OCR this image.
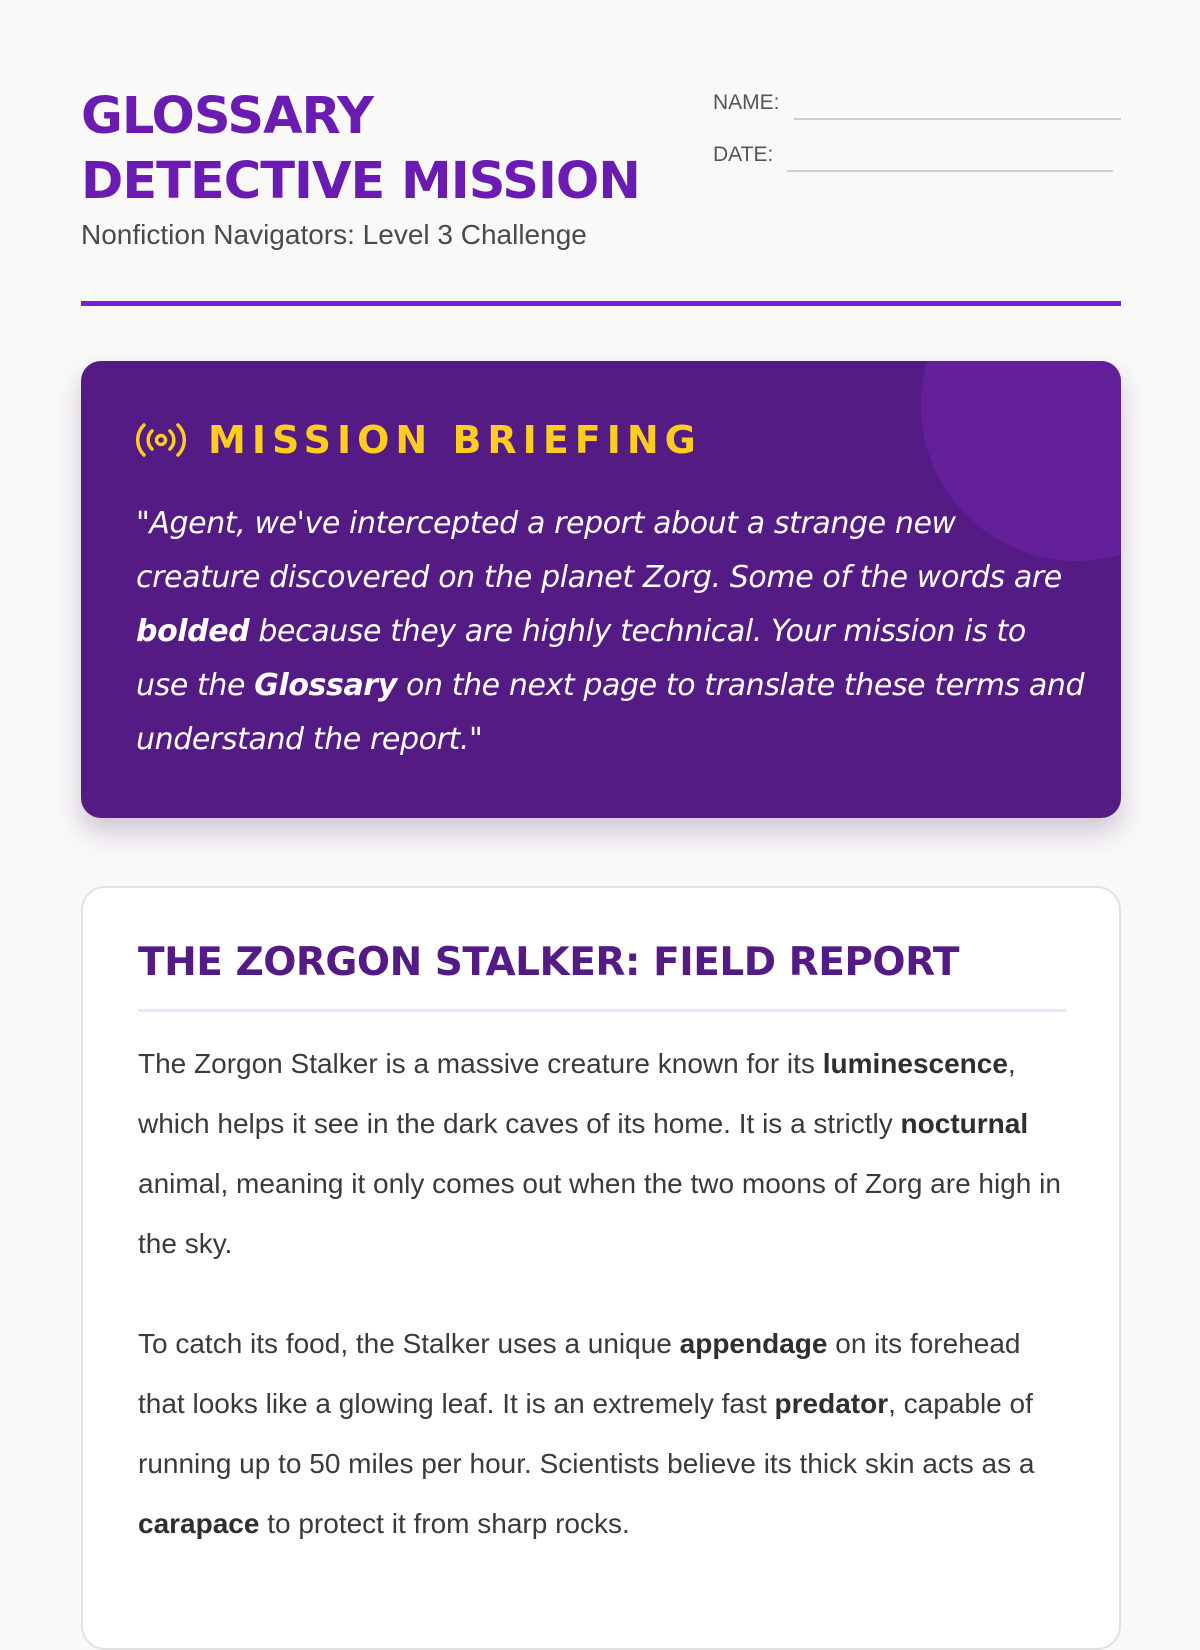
GLOSSARY
DETECTIVE MISSION
Nonfiction Navigators: Level 3 Challenge
NAME:
DATE:
MISSION BRIEFING

"Agent, we've intercepted a report about a strange new creature discovered on the planet Zorg. Some of the words are bolded because they are highly technical. Your mission is to use the Glossary on the next page to translate these terms and understand the report."

THE ZORGON STALKER: FIELD REPORT

The Zorgon Stalker is a massive creature known for its luminescence, which helps it see in the dark caves of its home. It is a strictly nocturnal animal, meaning it only comes out when the two moons of Zorg are high in the sky.

To catch its food, the Stalker uses a unique appendage on its forehead that looks like a glowing leaf. It is an extremely fast predator, capable of running up to 50 miles per hour. Scientists believe its thick skin acts as a carapace to protect it from sharp rocks.
